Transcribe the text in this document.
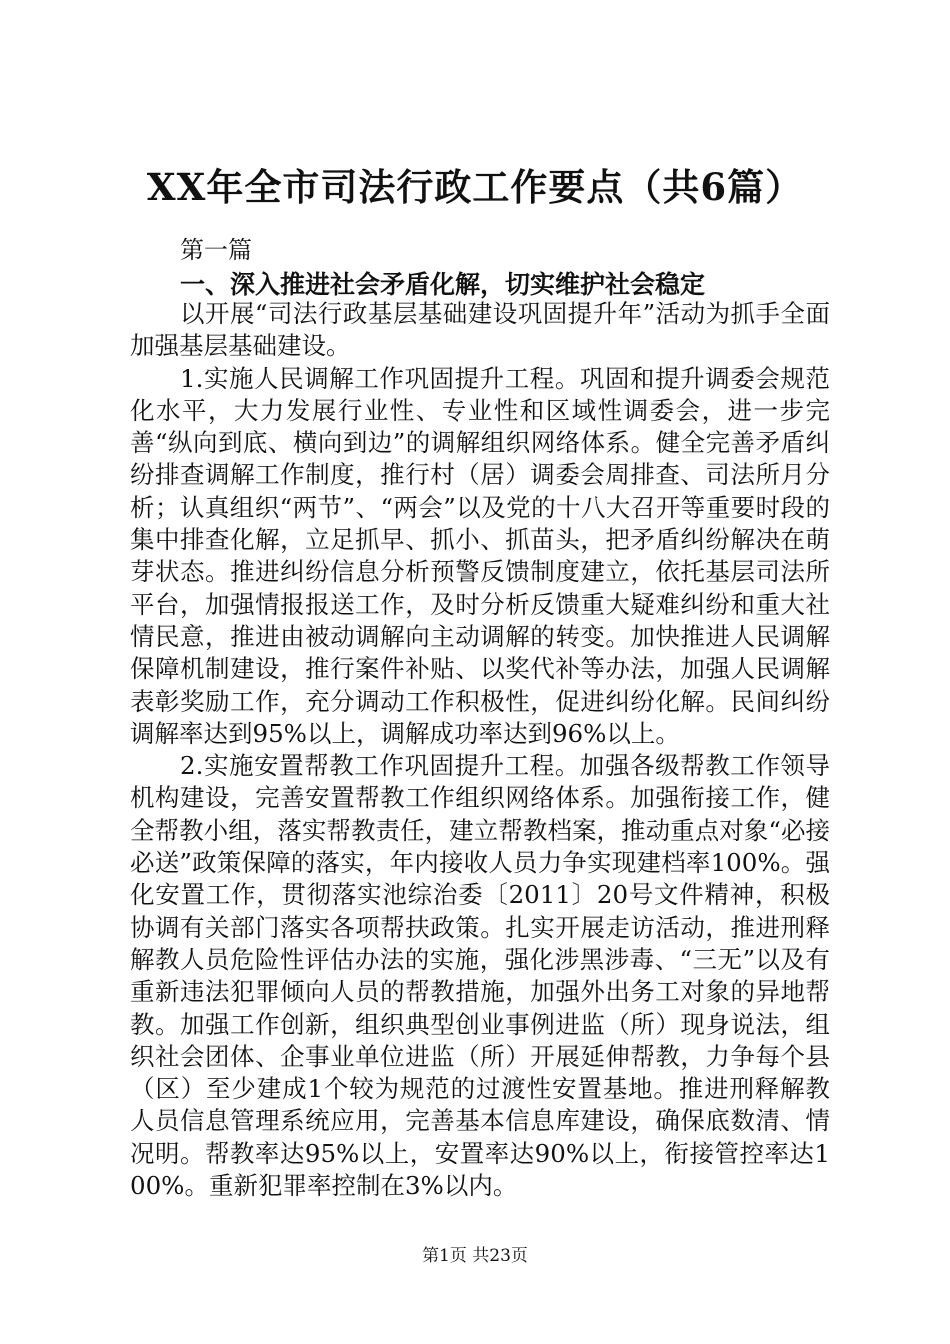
XX年全市司法行政工作要点（共6篇）
第一篇
一、深入推进社会矛盾化解，切实维护社会稳定

以开展“司法行政基层基础建设巩固提升年”活动为抓手全面加强基层基础建设。

1.实施人民调解工作巩固提升工程。巩固和提升调委会规范化水平，大力发展行业性、专业性和区域性调委会，进一步完善“纵向到底、横向到边”的调解组织网络体系。健全完善矛盾纠纷排查调解工作制度，推行村（居）调委会周排查、司法所月分析；认真组织“两节”、“两会”以及党的十八大召开等重要时段的集中排查化解，立足抓早、抓小、抓苗头，把矛盾纠纷解决在萌芽状态。推进纠纷信息分析预警反馈制度建立，依托基层司法所平台，加强情报报送工作，及时分析反馈重大疑难纠纷和重大社情民意，推进由被动调解向主动调解的转变。加快推进人民调解保障机制建设，推行案件补贴、以奖代补等办法，加强人民调解表彰奖励工作，充分调动工作积极性，促进纠纷化解。民间纠纷调解率达到95%以上，调解成功率达到96%以上。

2.实施安置帮教工作巩固提升工程。加强各级帮教工作领导机构建设，完善安置帮教工作组织网络体系。加强衔接工作，健全帮教小组，落实帮教责任，建立帮教档案，推动重点对象“必接必送”政策保障的落实，年内接收人员力争实现建档率100%。强化安置工作，贯彻落实池综治委〔2011〕20号文件精神，积极协调有关部门落实各项帮扶政策。扎实开展走访活动，推进刑释解教人员危险性评估办法的实施，强化涉黑涉毒、“三无”以及有重新违法犯罪倾向人员的帮教措施，加强外出务工对象的异地帮教。加强工作创新，组织典型创业事例进监（所）现身说法，组织社会团体、企事业单位进监（所）开展延伸帮教，力争每个县（区）至少建成1个较为规范的过渡性安置基地。推进刑释解教人员信息管理系统应用，完善基本信息库建设，确保底数清、情况明。帮教率达95%以上，安置率达90%以上，衔接管控率达100%。重新犯罪率控制在3%以内。

第1页 共23页
